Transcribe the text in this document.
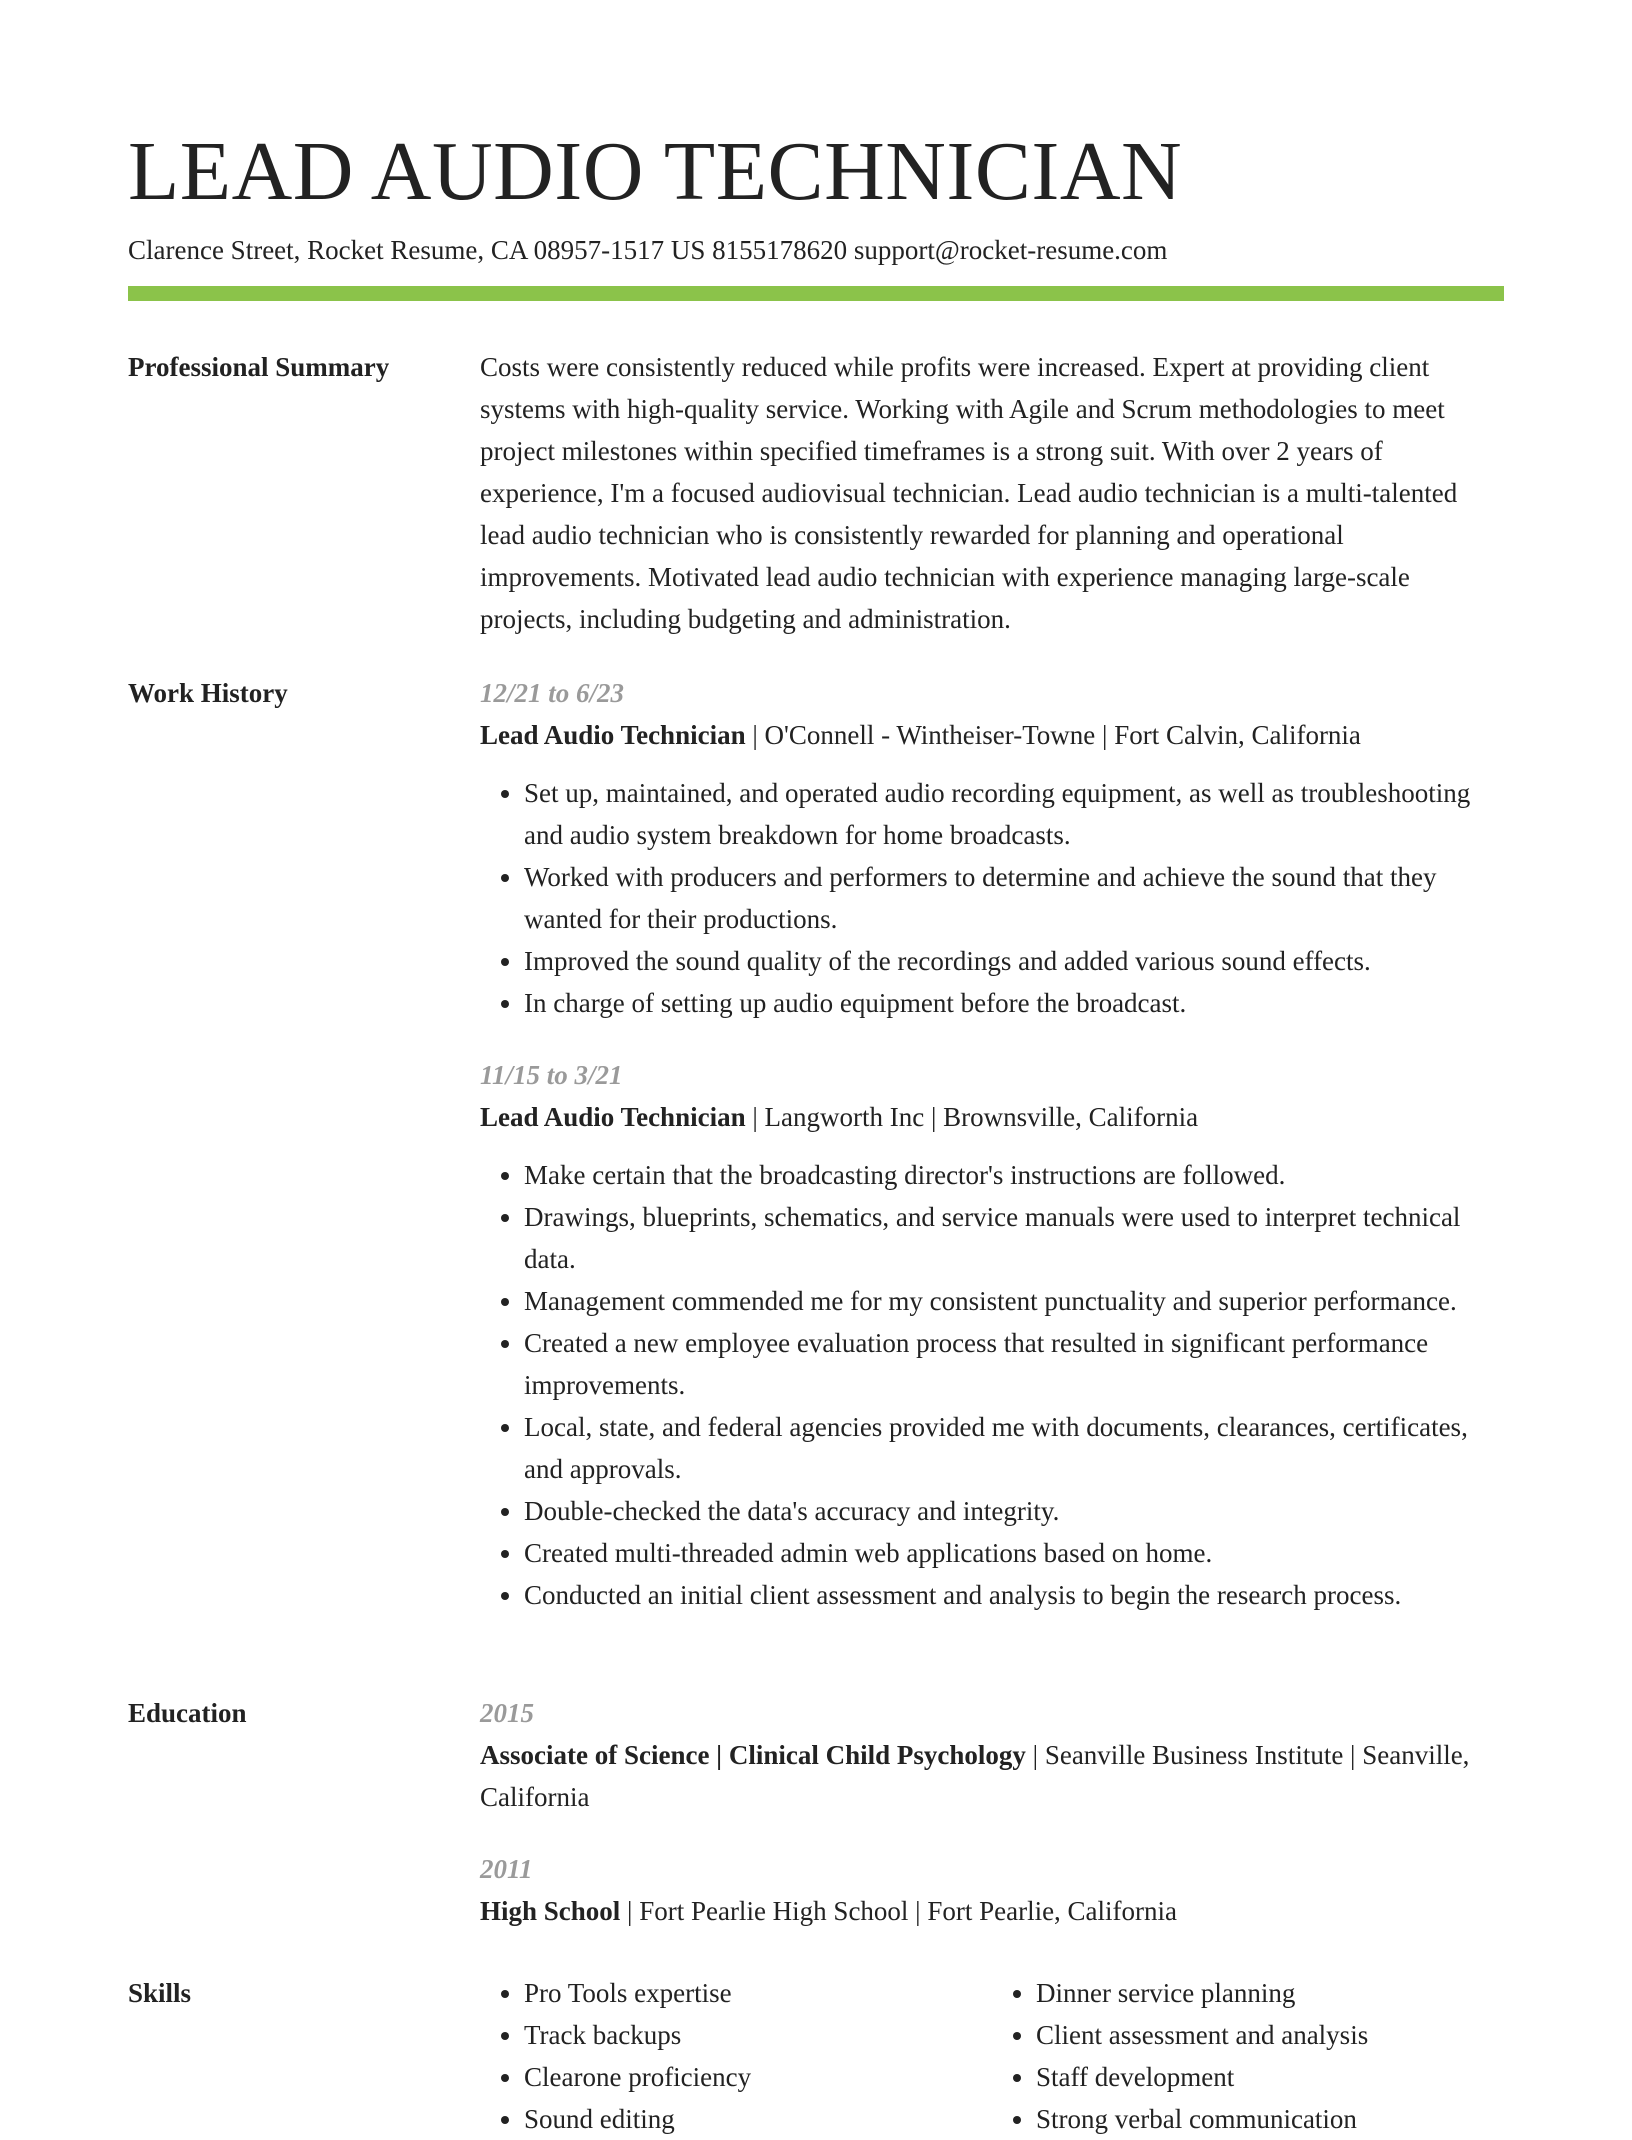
LEAD AUDIO TECHNICIAN
Clarence Street, Rocket Resume, CA 08957-1517 US 8155178620 support@rocket-resume.com
Professional Summary	Costs were consistently reduced while profits were increased. Expert at providing client systems with high-quality service. Working with Agile and Scrum methodologies to meet project milestones within specified timeframes is a strong suit. With over 2 years of experience, I'm a focused audiovisual technician. Lead audio technician is a multi-talented lead audio technician who is consistently rewarded for planning and operational improvements. Motivated lead audio technician with experience managing large-scale projects, including budgeting and administration.

Work History	12/21 to 6/23
Lead Audio Technician | O'Connell - Wintheiser-Towne | Fort Calvin, California
• Set up, maintained, and operated audio recording equipment, as well as troubleshooting and audio system breakdown for home broadcasts.
• Worked with producers and performers to determine and achieve the sound that they wanted for their productions.
• Improved the sound quality of the recordings and added various sound effects.
• In charge of setting up audio equipment before the broadcast.
11/15 to 3/21
Lead Audio Technician | Langworth Inc | Brownsville, California
• Make certain that the broadcasting director's instructions are followed.
• Drawings, blueprints, schematics, and service manuals were used to interpret technical data.
• Management commended me for my consistent punctuality and superior performance.
• Created a new employee evaluation process that resulted in significant performance improvements.
• Local, state, and federal agencies provided me with documents, clearances, certificates, and approvals.
• Double-checked the data's accuracy and integrity.
• Created multi-threaded admin web applications based on home.
• Conducted an initial client assessment and analysis to begin the research process.
Education	2015
Associate of Science | Clinical Child Psychology | Seanville Business Institute | Seanville, California
2011
High School | Fort Pearlie High School | Fort Pearlie, California
Skills
•	Pro Tools expertise
• Track backups
• Clearone proficiency
• Sound editing
• Dinner service planning
• Client assessment and analysis
• Staff development
• Strong verbal communication
